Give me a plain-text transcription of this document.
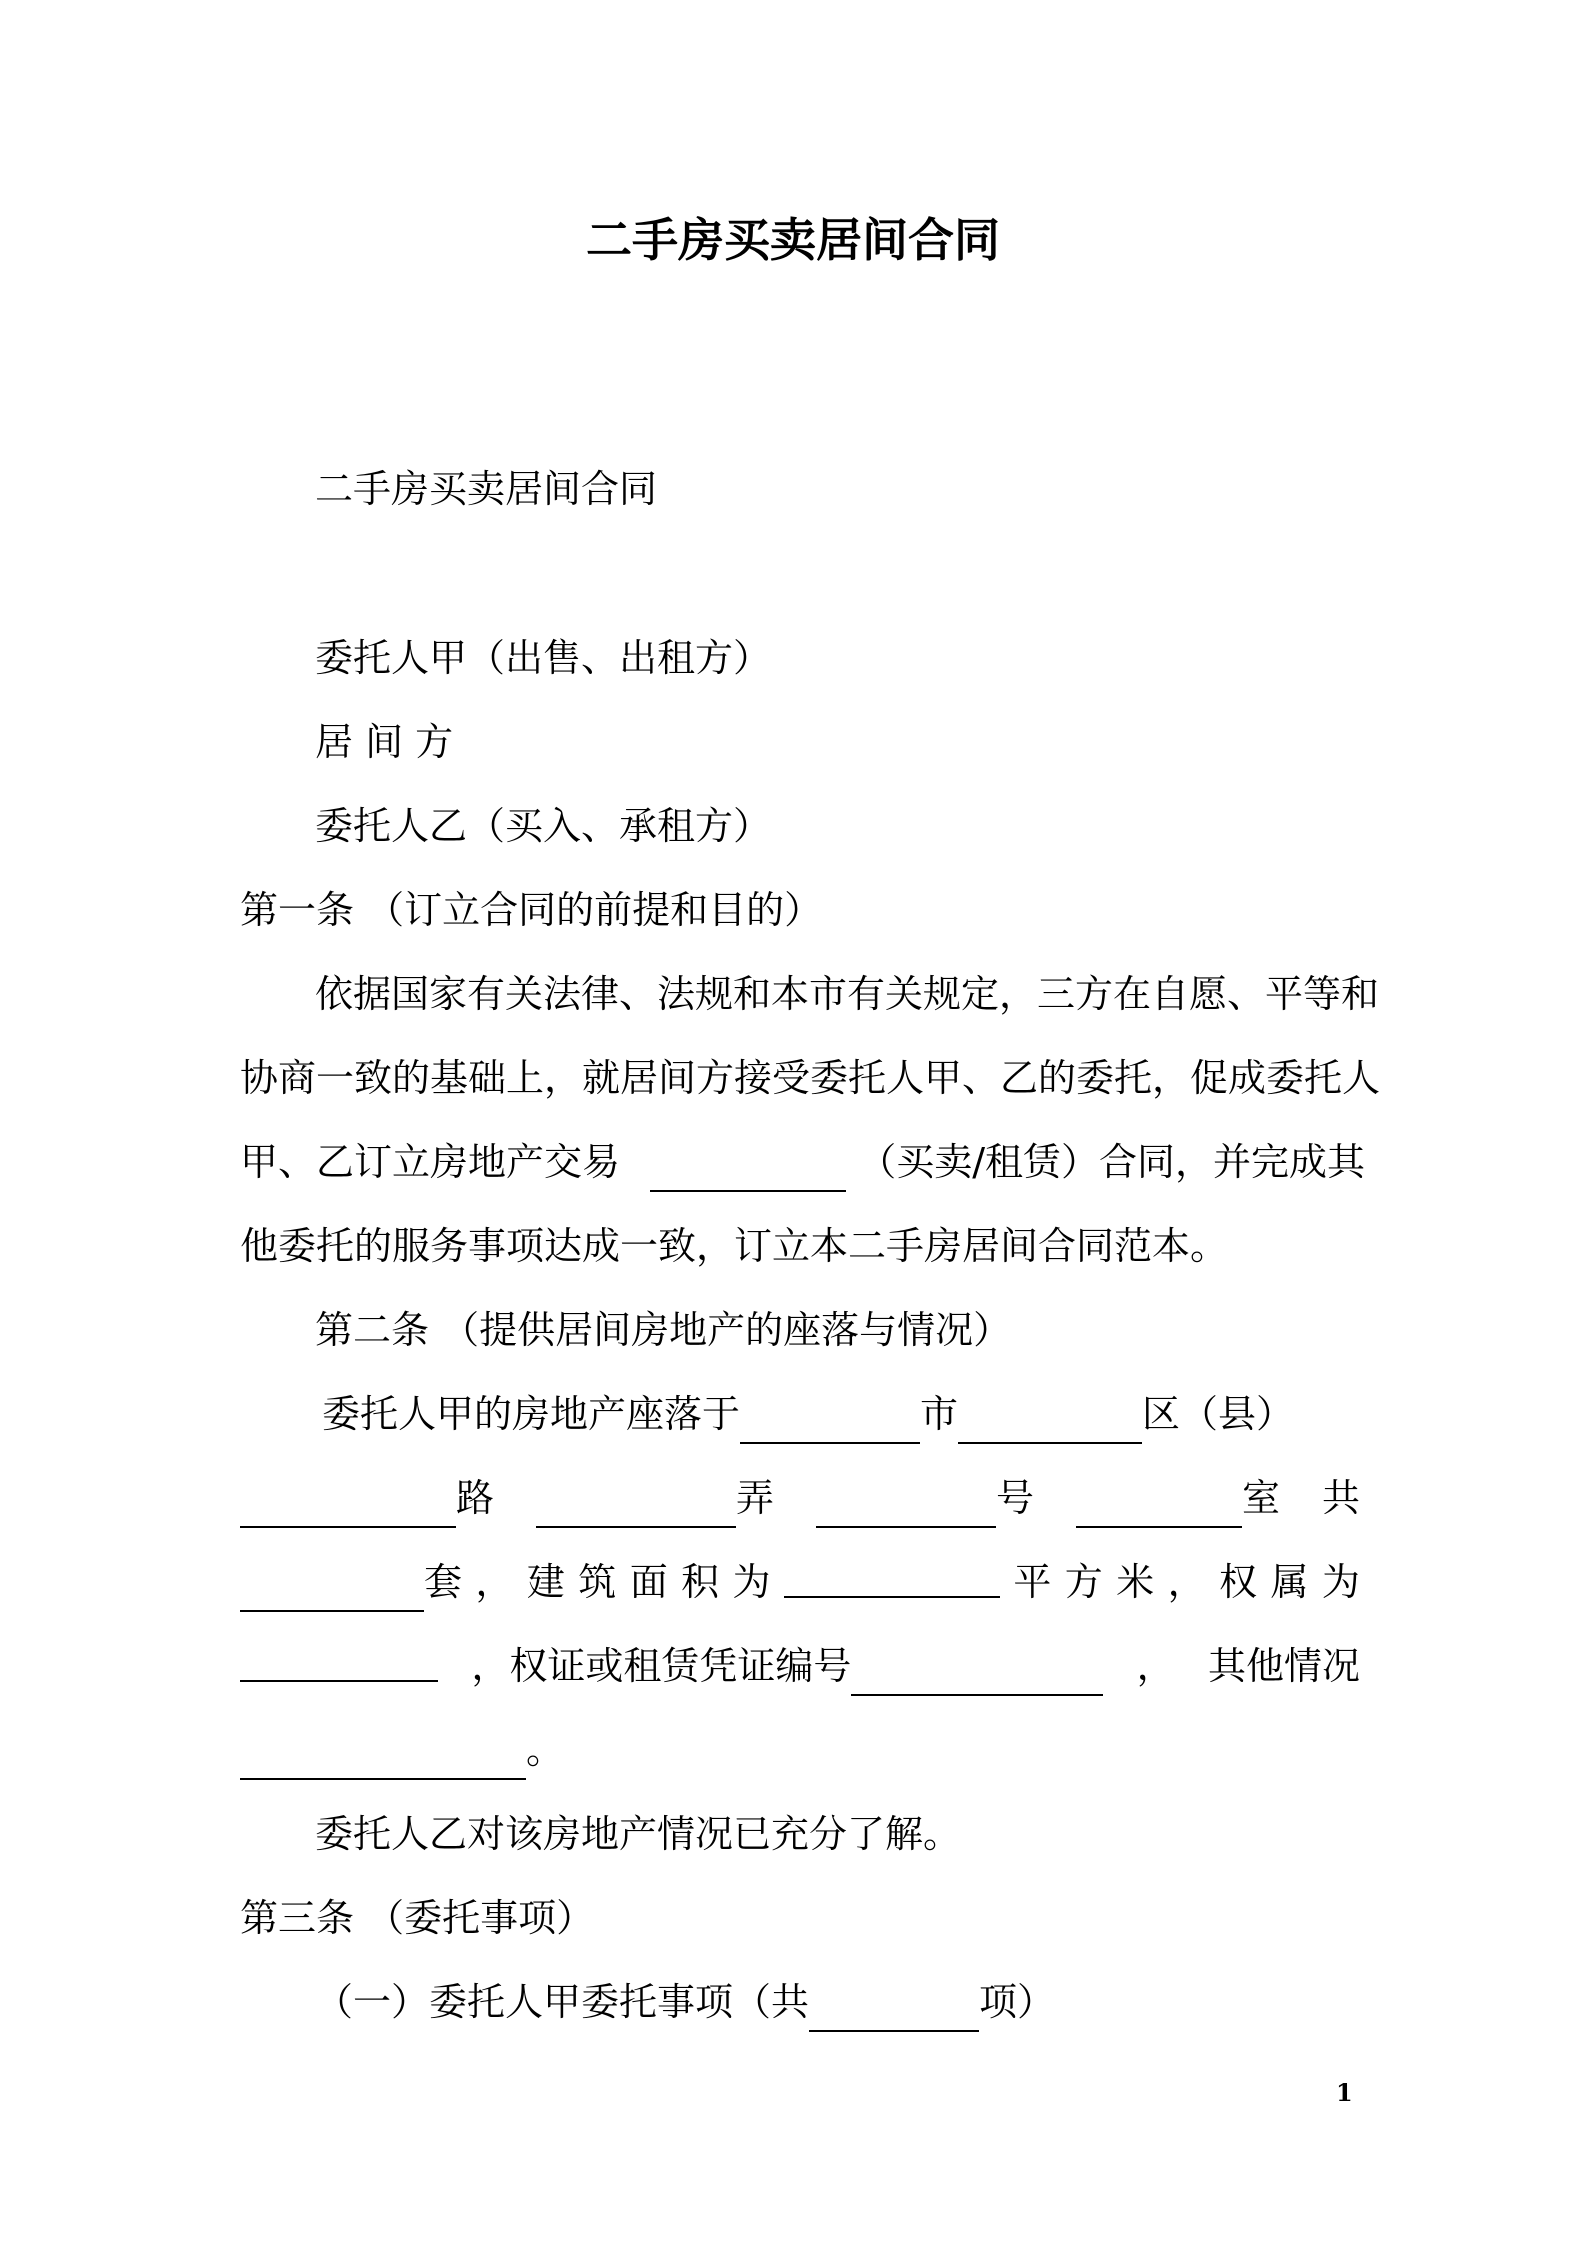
二手房买卖居间合同
二手房买卖居间合同
委托人甲（出售、出租方）
居 间 方
委托人乙（买入、承租方）
第一条 （订立合同的前提和目的）
依据国家有关法律、法规和本市有关规定，三方在自愿、平等和
协商一致的基础上，就居间方接受委托人甲、乙的委托，促成委托人
甲、乙订立房地产交易	（买卖/租赁）合同，并完成其
他委托的服务事项达成一致，订立本二手房居间合同范本。
第二条 （提供居间房地产的座落与情况）
委托人甲的房地产座落于	市	区（县）
路	弄	号	室 共
套 ， 建 筑 面 积 为	平 方 米 ， 权 属 为
，权证或租赁凭证编号	， 其他情况
。
委托人乙对该房地产情况已充分了解。
第三条 （委托事项）
（一）委托人甲委托事项（共	项）
1
